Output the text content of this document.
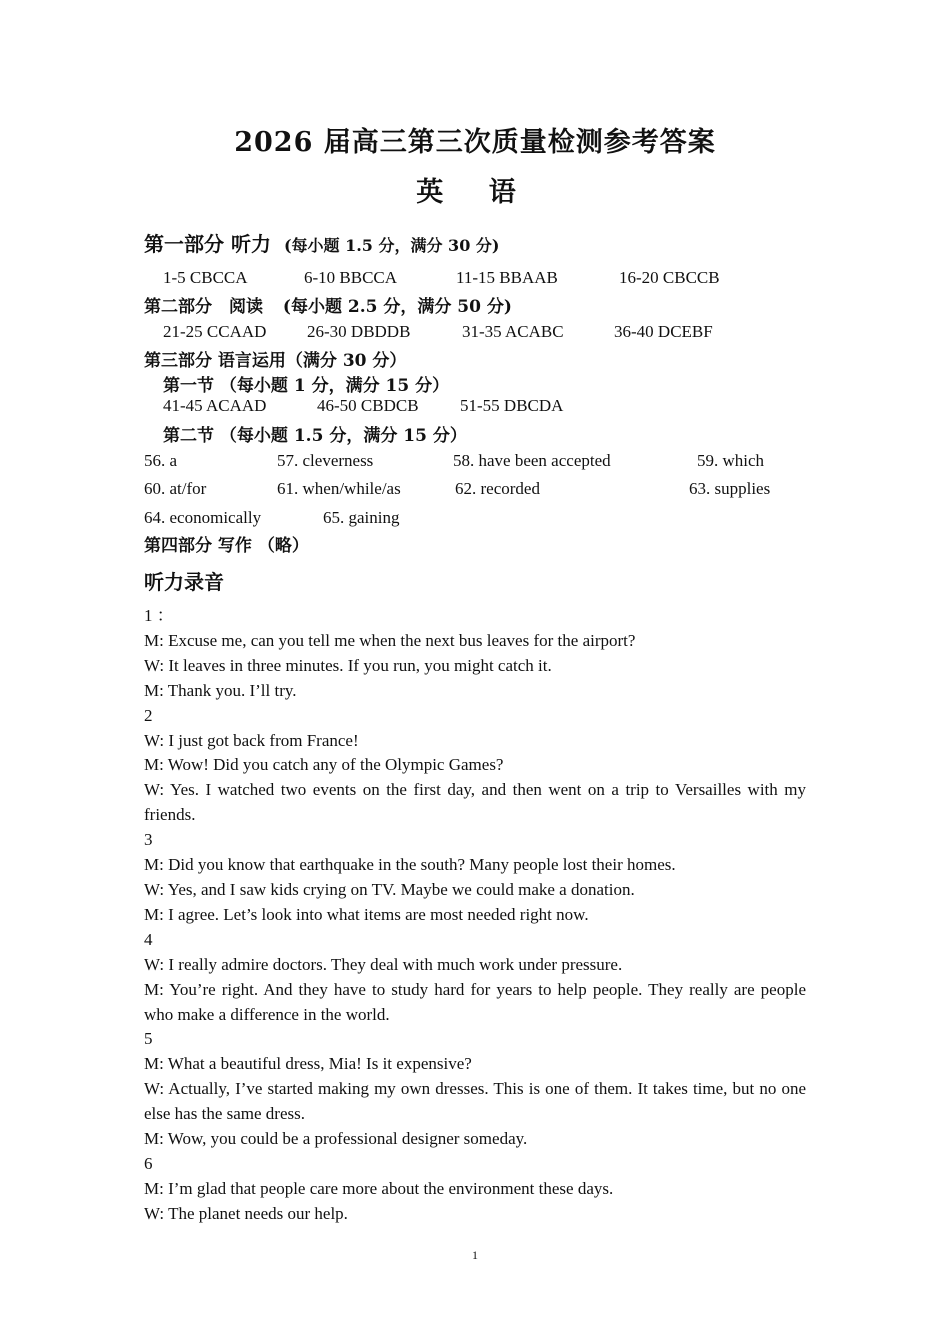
2026 届高三第三次质量检测参考答案
英 语
第一部分 听力 (每小题 1.5 分，满分 30 分)
1-5 CBCCA	6-10 BBCCA	11-15 BBAAB	16-20 CBCCB
第二部分　阅读 (每小题 2.5 分，满分 50 分)
21-25 CCAAD 26-30 DBDDB	31-35 ACABC	36-40 DCEBF
第三部分 语言运用（满分 30 分）
第一节 （每小题 1 分，满分 15 分）
41-45 ACAAD	46-50 CBDCB 51-55 DBCDA
第二节 （每小题 1.5 分，满分 15 分）
56. a	57. cleverness	58. have been accepted	59. which
60. at/for	61. when/while/as	62. recorded	63. supplies
64. economically	65. gaining
第四部分 写作 （略）
听力录音
1 ：
M: Excuse me, can you tell me when the next bus leaves for the airport?
W: It leaves in three minutes. If you run, you might catch it.
M: Thank you. I’ll try.
2
W: I just got back from France!
M: Wow! Did you catch any of the Olympic Games?
W: Yes. I watched two events on the first day, and then went on a trip to Versailles with my friends.
3
M: Did you know that earthquake in the south? Many people lost their homes.
W: Yes, and I saw kids crying on TV. Maybe we could make a donation.
M: I agree. Let’s look into what items are most needed right now.
4
W: I really admire doctors. They deal with much work under pressure.
M: You’re right. And they have to study hard for years to help people. They really are people who make a difference in the world.
5
M: What a beautiful dress, Mia! Is it expensive?
W: Actually, I’ve started making my own dresses. This is one of them. It takes time, but no one else has the same dress.
M: Wow, you could be a professional designer someday.
6
M: I’m glad that people care more about the environment these days.
W: The planet needs our help.
1
